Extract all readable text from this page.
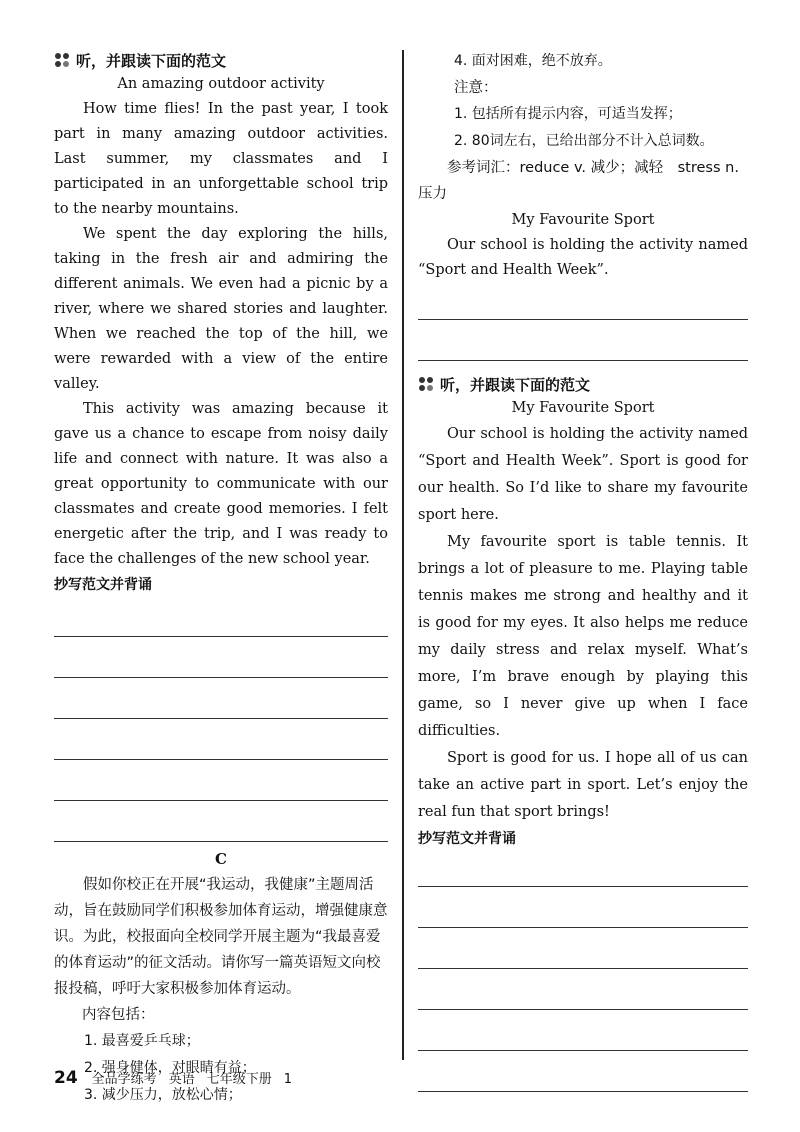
听，并跟读下面的范文
An amazing outdoor activity

How time flies! In the past year, I took part in many amazing outdoor activities. Last summer, my classmates and I participated in an unforgettable school trip to the nearby mountains.

We spent the day exploring the hills, taking in the fresh air and admiring the different animals. We even had a picnic by a river, where we shared stories and laughter. When we reached the top of the hill, we were rewarded with a view of the entire valley.

This activity was amazing because it gave us a chance to escape from noisy daily life and connect with nature. It was also a great opportunity to communicate with our classmates and create good memories. I felt energetic after the trip, and I was ready to face the challenges of the new school year.

抄写范文并背诵
C
假如你校正在开展“我运动，我健康”主题周活动，旨在鼓励同学们积极参加体育运动，增强健康意识。为此，校报面向全校同学开展主题为“我最喜爱的体育运动”的征文活动。请你写一篇英语短文向校报投稿，呼吁大家积极参加体育运动。
内容包括：
1. 最喜爱乒乓球；
2. 强身健体，对眼睛有益；
3. 减少压力，放松心情；
4. 面对困难，绝不放弃。
注意：
1. 包括所有提示内容，可适当发挥；
2. 80词左右，已给出部分不计入总词数。
参考词汇：reduce v. 减少；减轻　stress n. 压力
My Favourite Sport

Our school is holding the activity named “Sport and Health Week”.

听，并跟读下面的范文
My Favourite Sport

Our school is holding the activity named “Sport and Health Week”. Sport is good for our health. So I’d like to share my favourite sport here.

My favourite sport is table tennis. It brings a lot of pleasure to me. Playing table tennis makes me strong and healthy and it is good for my eyes. It also helps me reduce my daily stress and relax myself. What’s more, I’m brave enough by playing this game, so I never give up when I face difficulties.

Sport is good for us. I hope all of us can take an active part in sport. Let’s enjoy the real fun that sport brings!

抄写范文并背诵
24 全品学练考 英语 七年级下册 1
